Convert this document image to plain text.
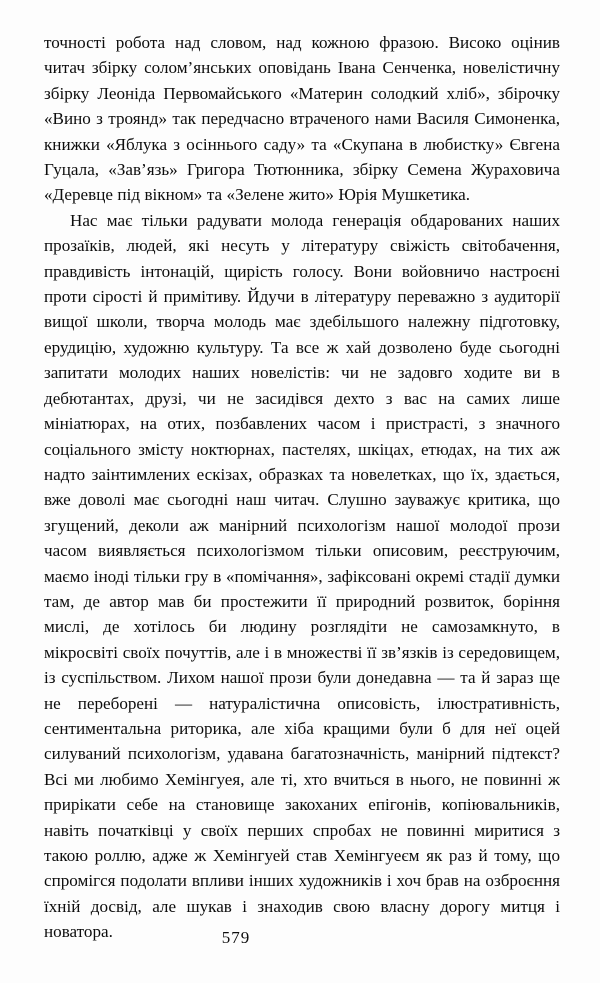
точності робота над словом, над кожною фразою. Високо оцінив читач збірку солом’янських оповідань Івана Сенченка, новелістичну збірку Леоніда Первомайського «Материн солодкий хліб», збірочку «Вино з троянд» так передчасно втраченого нами Василя Симоненка, книжки «Яблука з осіннього саду» та «Скупана в любистку» Євгена Гуцала, «Зав’язь» Григора Тютюнника, збірку Семена Жураховича «Деревце під вікном» та «Зелене жито» Юрія Мушкетика.

Нас має тільки радувати молода генерація обдарованих наших прозаїків, людей, які несуть у літературу свіжість світобачення, правдивість інтонацій, щирість голосу. Вони войовничо настроєні проти сірості й примітиву. Йдучи в літературу переважно з аудиторії вищої школи, творча молодь має здебільшого належну підготовку, ерудицію, художню культуру. Та все ж хай дозволено буде сьогодні запитати молодих наших новелістів: чи не задовго ходите ви в дебютантах, друзі, чи не засидівся дехто з вас на самих лише мініатюрах, на отих, позбавлених часом і пристрасті, з значного соціального змісту ноктюрнах, пастелях, шкіцах, етюдах, на тих аж надто заінтимлених ескізах, образках та новелетках, що їх, здається, вже доволі має сьогодні наш читач. Слушно зауважує критика, що згущений, деколи аж манірний психологізм нашої молодої прози часом виявляється психологізмом тільки описовим, реєструючим, маємо іноді тільки гру в «помічання», зафіксовані окремі стадії думки там, де автор мав би простежити її природний розвиток, боріння мислі, де хотілось би людину розглядіти не самозамкнуто, в мікросвіті своїх почуттів, але і в множестві її зв’язків із середовищем, із суспільством. Лихом нашої прози були донедавна — та й зараз ще не переборені — натуралістична описовість, ілюстративність, сентиментальна риторика, але хіба кращими були б для неї оцей силуваний психологізм, удавана багатозначність, манірний підтекст? Всі ми любимо Хемінгуея, але ті, хто вчиться в нього, не повинні ж прирікати себе на становище закоханих епігонів, копіювальників, навіть початківці у своїх перших спробах не повинні миритися з такою роллю, адже ж Хемінгуей став Хемінгуеєм як раз й тому, що спромігся подолати впливи інших художників і хоч брав на озброєння їхній досвід, але шукав і знаходив свою власну дорогу митця і новатора.	579
